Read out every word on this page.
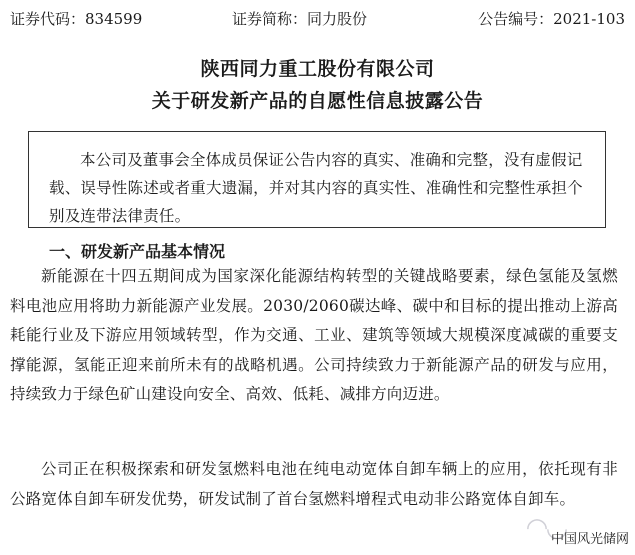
证券代码：834599	证券简称：同力股份	公告编号：2021-103
陕西同力重工股份有限公司
关于研发新产品的自愿性信息披露公告
本公司及董事会全体成员保证公告内容的真实、准确和完整，没有虚假记载、误导性陈述或者重大遗漏，并对其内容的真实性、准确性和完整性承担个别及连带法律责任。
一、研发新产品基本情况
新能源在十四五期间成为国家深化能源结构转型的关键战略要素，绿色氢能及氢燃料电池应用将助力新能源产业发展。2030/2060碳达峰、碳中和目标的提出推动上游高耗能行业及下游应用领域转型，作为交通、工业、建筑等领域大规模深度减碳的重要支撑能源，氢能正迎来前所未有的战略机遇。公司持续致力于新能源产品的研发与应用，持续致力于绿色矿山建设向安全、高效、低耗、减排方向迈进。
公司正在积极探索和研发氢燃料电池在纯电动宽体自卸车辆上的应用，依托现有非公路宽体自卸车研发优势，研发试制了首台氢燃料增程式电动非公路宽体自卸车。
◠◡
中国风光储网
